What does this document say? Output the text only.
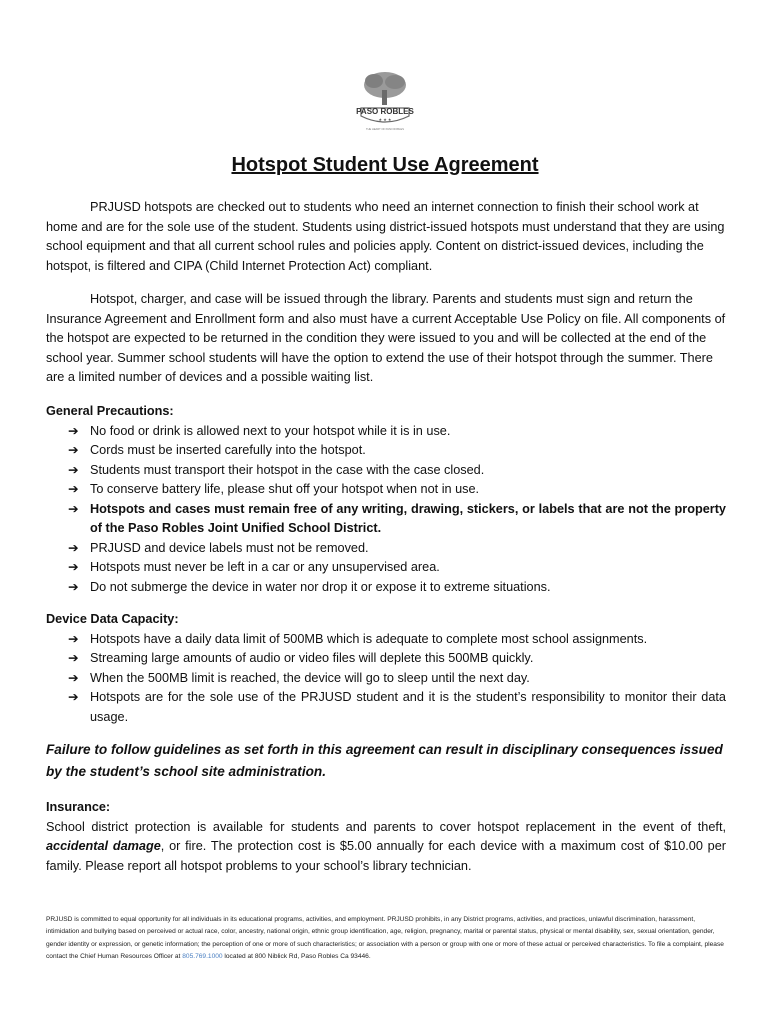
PASO ROBLES
★ ★ ★
THE HEART OF PASO ROBLES
Hotspot Student Use Agreement

PRJUSD hotspots are checked out to students who need an internet connection to finish their school work at home and are for the sole use of the student. Students using district-issued hotspots must understand that they are using school equipment and that all current school rules and policies apply. Content on district-issued devices, including the hotspot, is filtered and CIPA (Child Internet Protection Act) compliant.

Hotspot, charger, and case will be issued through the library. Parents and students must sign and return the Insurance Agreement and Enrollment form and also must have a current Acceptable Use Policy on file. All components of the hotspot are expected to be returned in the condition they were issued to you and will be collected at the end of the school year. Summer school students will have the option to extend the use of their hotspot through the summer. There are a limited number of devices and a possible waiting list.

General Precautions:

➔ No food or drink is allowed next to your hotspot while it is in use.
➔ Cords must be inserted carefully into the hotspot.
➔ Students must transport their hotspot in the case with the case closed.
➔ To conserve battery life, please shut off your hotspot when not in use.
➔ Hotspots and cases must remain free of any writing, drawing, stickers, or labels that are not the property of the Paso Robles Joint Unified School District.
➔ PRJUSD and device labels must not be removed.
➔ Hotspots must never be left in a car or any unsupervised area.
➔ Do not submerge the device in water nor drop it or expose it to extreme situations.

Device Data Capacity:

➔ Hotspots have a daily data limit of 500MB which is adequate to complete most school assignments.
➔ Streaming large amounts of audio or video files will deplete this 500MB quickly.
➔ When the 500MB limit is reached, the device will go to sleep until the next day.
➔ Hotspots are for the sole use of the PRJUSD student and it is the student’s responsibility to monitor their data usage.

Failure to follow guidelines as set forth in this agreement can result in disciplinary consequences issued by the student’s school site administration.

Insurance:

School district protection is available for students and parents to cover hotspot replacement in the event of theft, accidental damage, or fire. The protection cost is $5.00 annually for each device with a maximum cost of $10.00 per family. Please report all hotspot problems to your school’s library technician.

PRJUSD is committed to equal opportunity for all individuals in its educational programs, activities, and employment. PRJUSD prohibits, in any District programs, activities, and practices, unlawful discrimination, harassment, intimidation and bullying based on perceived or actual race, color, ancestry, national origin, ethnic group identification, age, religion, pregnancy, marital or parental status, physical or mental disability, sex, sexual orientation, gender, gender identity or expression, or genetic information; the perception of one or more of such characteristics; or association with a person or group with one or more of these actual or perceived characteristics. To file a complaint, please contact the Chief Human Resources Officer at 805.769.1000 located at 800 Niblick Rd, Paso Robles Ca 93446.
